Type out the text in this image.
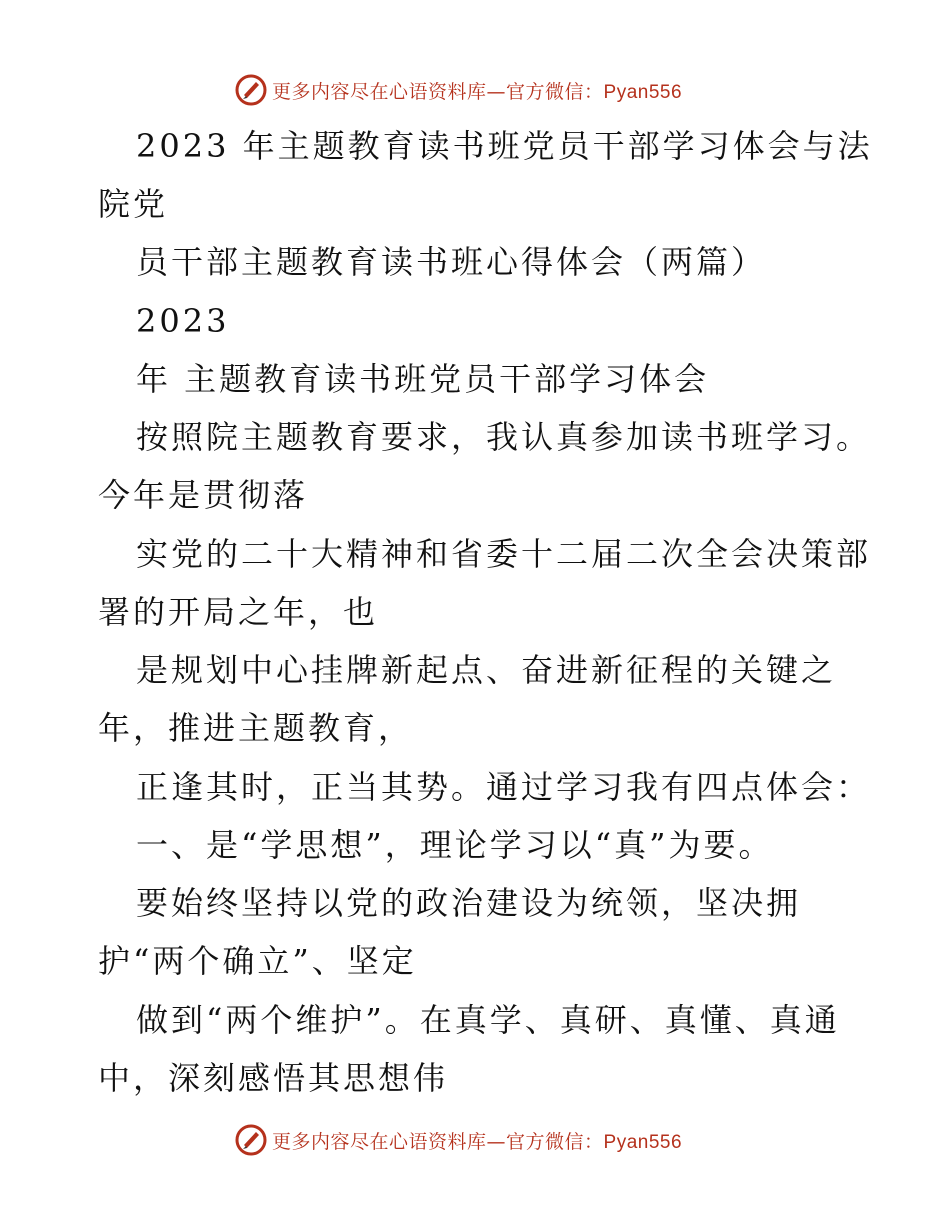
更多内容尽在心语资料库—官方微信：Pyan556
2023 年主题教育读书班党员干部学习体会与法
院党
员干部主题教育读书班心得体会（两篇）
2023
年 主题教育读书班党员干部学习体会
按照院主题教育要求，我认真参加读书班学习。
今年是贯彻落
实党的二十大精神和省委十二届二次全会决策部
署的开局之年，也
是规划中心挂牌新起点、奋进新征程的关键之
年，推进主题教育，
正逢其时，正当其势。通过学习我有四点体会：
一、是“学思想”，理论学习以“真”为要。
要始终坚持以党的政治建设为统领，坚决拥
护“两个确立”、坚定
做到“两个维护”。在真学、真研、真懂、真通
中，深刻感悟其思想伟
更多内容尽在心语资料库—官方微信：Pyan556
